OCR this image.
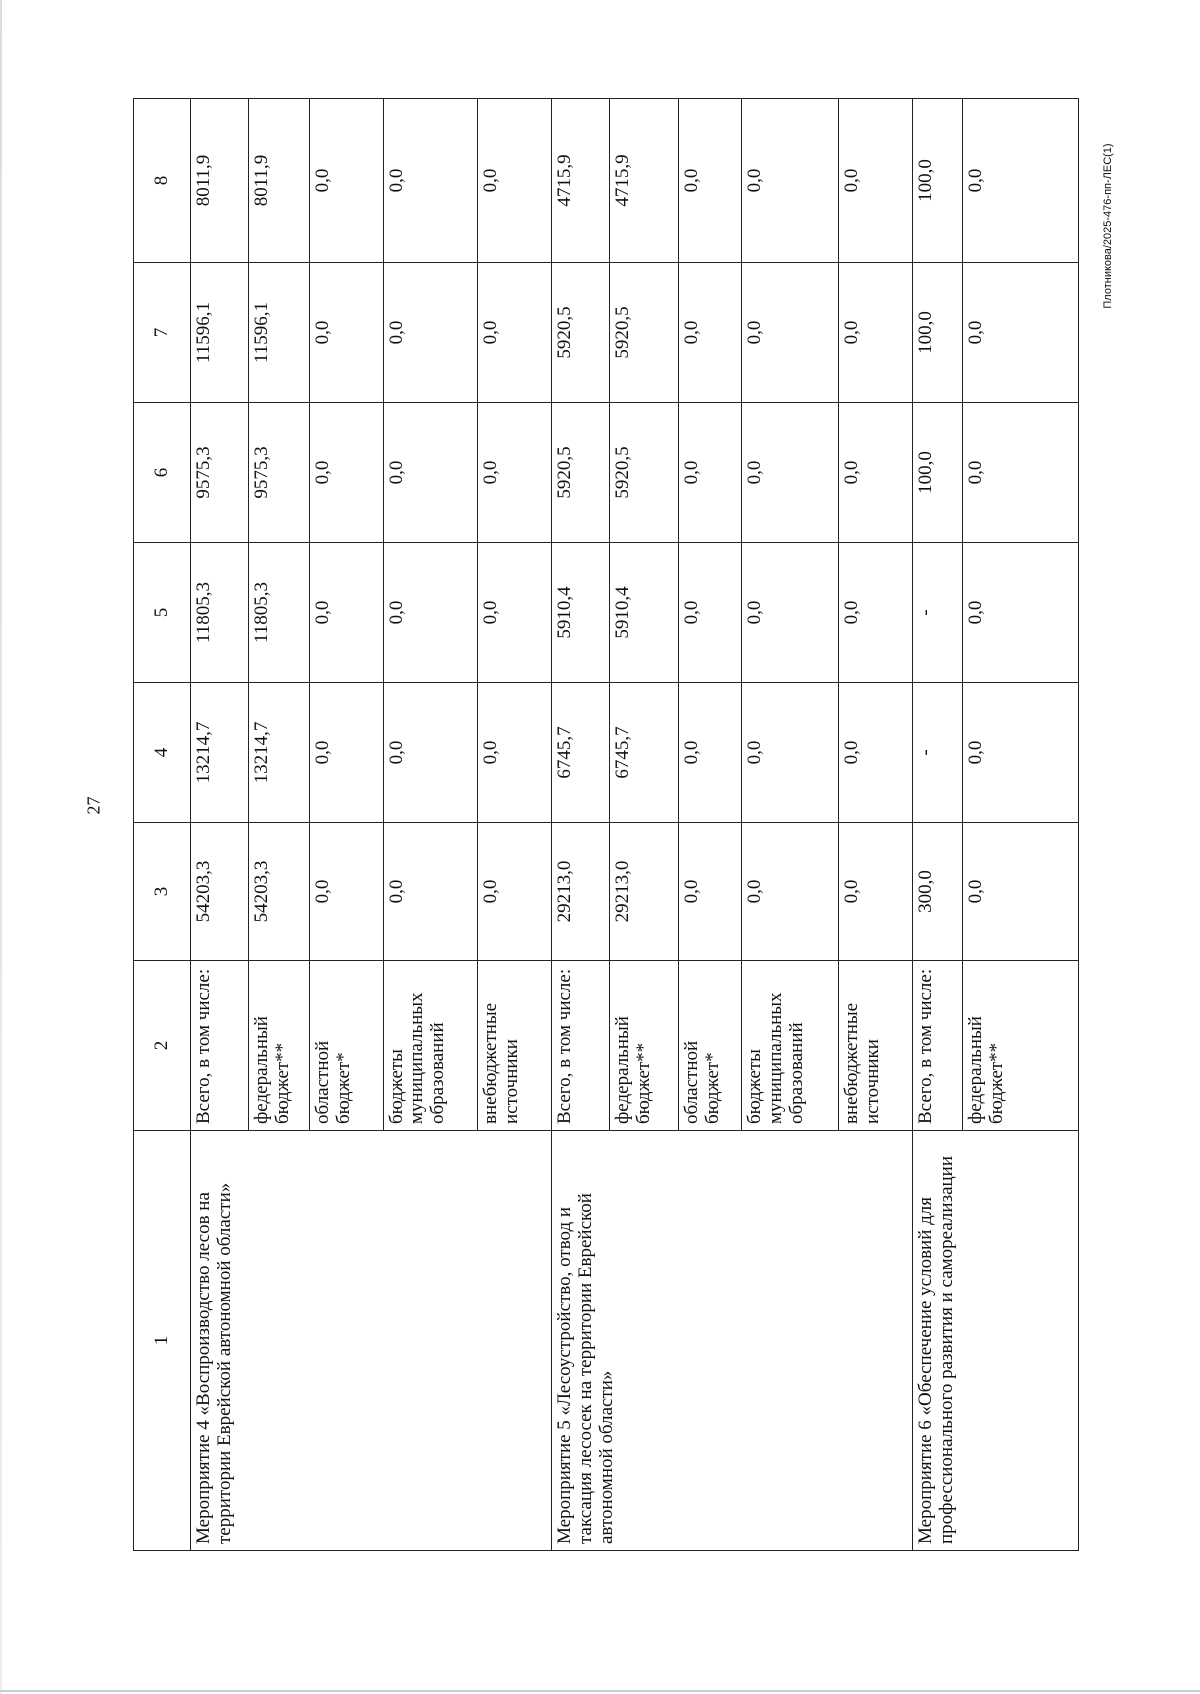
27
Плотникова/2025-476-пп-ЛЕС(1)
1	2	3	4	5	6	7	8
Мероприятие 4 «Воспроизводство лесов на территории Еврейской автономной области»	Всего, в том числе:	54203,3	13214,7	11805,3	9575,3	11596,1	8011,9
	федеральный бюджет**	54203,3	13214,7	11805,3	9575,3	11596,1	8011,9
	областной бюджет*	0,0	0,0	0,0	0,0	0,0	0,0
	бюджеты муниципальных образований	0,0	0,0	0,0	0,0	0,0	0,0
	внебюджетные источники	0,0	0,0	0,0	0,0	0,0	0,0
Мероприятие 5 «Лесоустройство, отвод и таксация лесосек на территории Еврейской автономной области»	Всего, в том числе:	29213,0	6745,7	5910,4	5920,5	5920,5	4715,9
	федеральный бюджет**	29213,0	6745,7	5910,4	5920,5	5920,5	4715,9
	областной бюджет*	0,0	0,0	0,0	0,0	0,0	0,0
	бюджеты муниципальных образований	0,0	0,0	0,0	0,0	0,0	0,0
	внебюджетные источники	0,0	0,0	0,0	0,0	0,0	0,0
Мероприятие 6 «Обеспечение условий для профессионального развития и самореализации	Всего, в том числе:	300,0	-	-	100,0	100,0	100,0
	федеральный бюджет**	0,0	0,0	0,0	0,0	0,0	0,0
